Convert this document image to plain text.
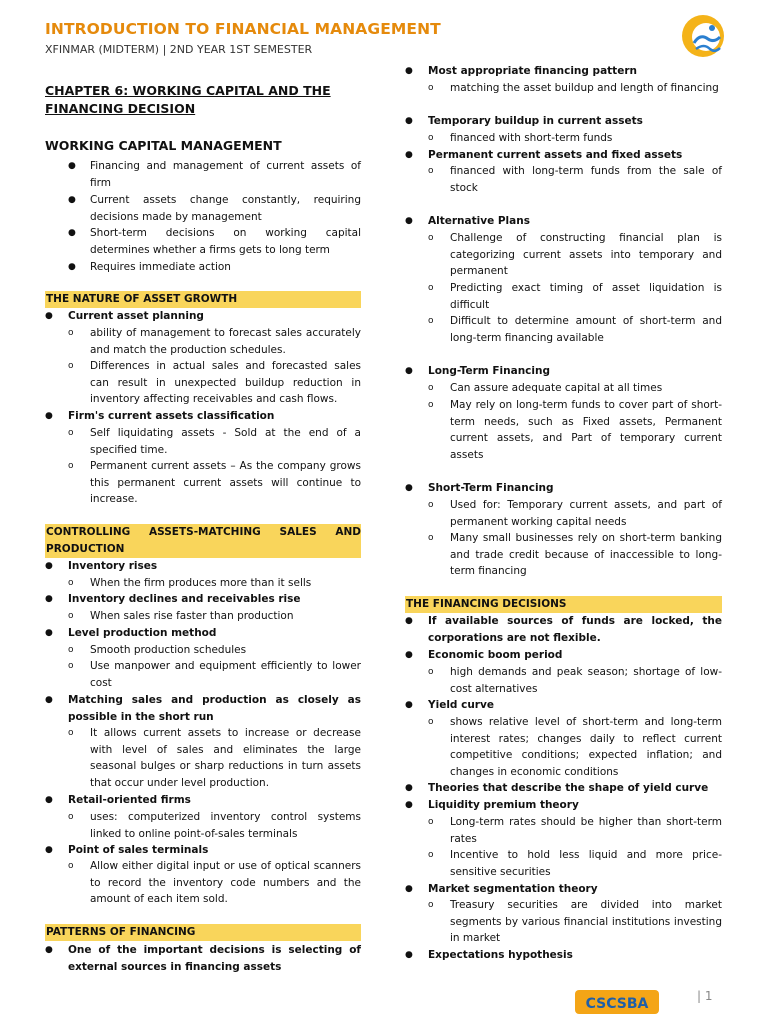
INTRODUCTION TO FINANCIAL MANAGEMENT
XFINMAR (MIDTERM) | 2ND YEAR 1ST SEMESTER
CHAPTER 6: WORKING CAPITAL AND THE FINANCING DECISION
WORKING CAPITAL MANAGEMENT
● Financing and management of current assets of firm
● Current assets change constantly, requiring decisions made by management
● Short-term decisions on working capital determines whether a firms gets to long term
● Requires immediate action
THE NATURE OF ASSET GROWTH
● Current asset planning
o ability of management to forecast sales accurately and match the production schedules.
o Differences in actual sales and forecasted sales can result in unexpected buildup reduction in inventory affecting receivables and cash flows.
● Firm's current assets classification
o Self liquidating assets - Sold at the end of a specified time.
o Permanent current assets – As the company grows this permanent current assets will continue to increase.
CONTROLLING ASSETS-MATCHING SALES AND PRODUCTION
● Inventory rises
o When the firm produces more than it sells
● Inventory declines and receivables rise
o When sales rise faster than production
● Level production method
o Smooth production schedules
o Use manpower and equipment efficiently to lower cost
● Matching sales and production as closely as possible in the short run
o It allows current assets to increase or decrease with level of sales and eliminates the large seasonal bulges or sharp reductions in turn assets that occur under level production.
● Retail-oriented firms
o uses: computerized inventory control systems linked to online point-of-sales terminals
● Point of sales terminals
o Allow either digital input or use of optical scanners to record the inventory code numbers and the amount of each item sold.
PATTERNS OF FINANCING
● One of the important decisions is selecting of external sources in financing assets
● Most appropriate financing pattern
o matching the asset buildup and length of financing
● Temporary buildup in current assets
o financed with short-term funds
● Permanent current assets and fixed assets
o financed with long-term funds from the sale of stock
● Alternative Plans
o Challenge of constructing financial plan is categorizing current assets into temporary and permanent
o Predicting exact timing of asset liquidation is difficult
o Difficult to determine amount of short-term and long-term financing available
● Long-Term Financing
o Can assure adequate capital at all times
o May rely on long-term funds to cover part of short-term needs, such as Fixed assets, Permanent current assets, and Part of temporary current assets
● Short-Term Financing
o Used for: Temporary current assets, and part of permanent working capital needs
o Many small businesses rely on short-term banking and trade credit because of inaccessible to long-term financing
THE FINANCING DECISIONS
● If available sources of funds are locked, the corporations are not flexible.
● Economic boom period
o high demands and peak season; shortage of low-cost alternatives
● Yield curve
o shows relative level of short-term and long-term interest rates; changes daily to reflect current competitive conditions; expected inflation; and changes in economic conditions
● Theories that describe the shape of yield curve
● Liquidity premium theory
o Long-term rates should be higher than short-term rates
o Incentive to hold less liquid and more price-sensitive securities
● Market segmentation theory
o Treasury securities are divided into market segments by various financial institutions investing in market
● Expectations hypothesis
CSCSBA	| 1
